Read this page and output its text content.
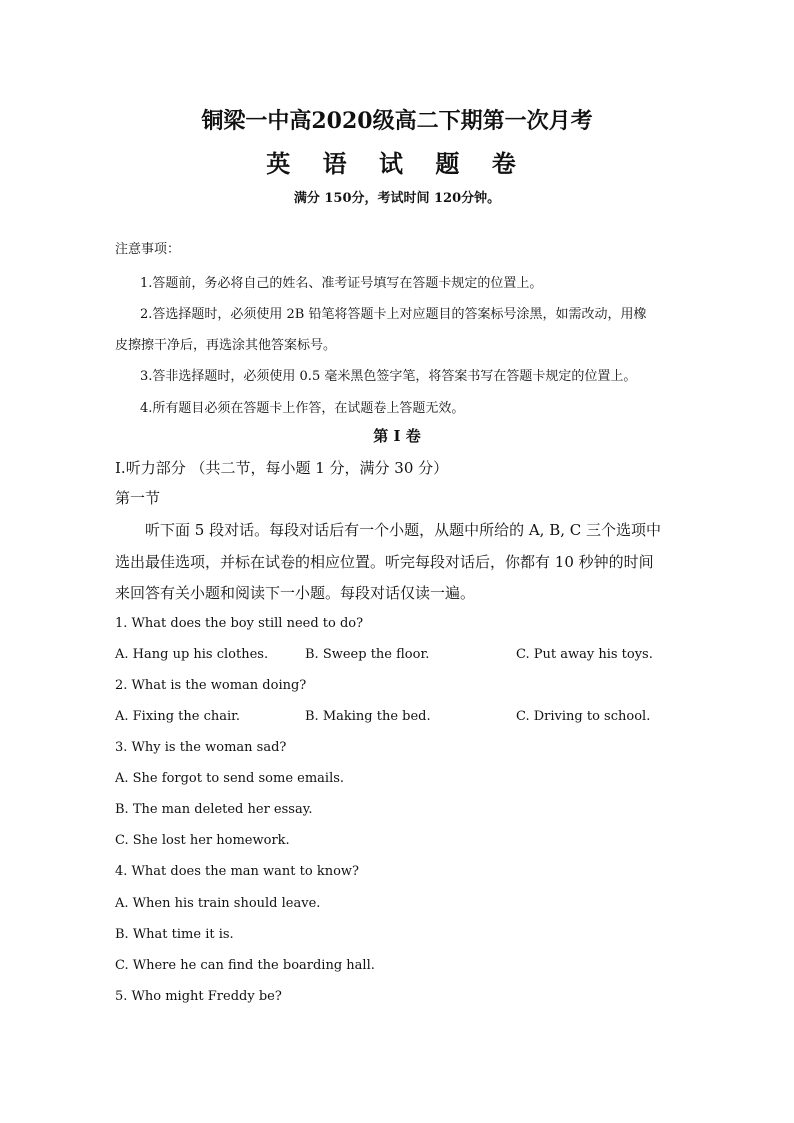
铜梁一中高2020级高二下期第一次月考
英 语 试 题 卷
满分 150分，考试时间 120分钟。
注意事项：
1.答题前，务必将自己的姓名、准考证号填写在答题卡规定的位置上。
2.答选择题时，必须使用 2B 铅笔将答题卡上对应题目的答案标号涂黑，如需改动，用橡
皮擦擦干净后，再选涂其他答案标号。
3.答非选择题时，必须使用 0.5 毫米黑色签字笔，将答案书写在答题卡规定的位置上。
4.所有题目必须在答题卡上作答，在试题卷上答题无效。
第 I 卷
Ⅰ.听力部分 （共二节，每小题 1 分，满分 30 分）
第一节
听下面 5 段对话。每段对话后有一个小题，从题中所给的 A, B, C 三个选项中
选出最佳选项，并标在试卷的相应位置。听完每段对话后，你都有 10 秒钟的时间
来回答有关小题和阅读下一小题。每段对话仅读一遍。
1. What does the boy still need to do?
A. Hang up his clothes.	B. Sweep the floor.	C. Put away his toys.
2. What is the woman doing?
A. Fixing the chair.	B. Making the bed.	C. Driving to school.
3. Why is the woman sad?
A. She forgot to send some emails.
B. The man deleted her essay.
C. She lost her homework.
4. What does the man want to know?
A. When his train should leave.
B. What time it is.
C. Where he can find the boarding hall.
5. Who might Freddy be?
